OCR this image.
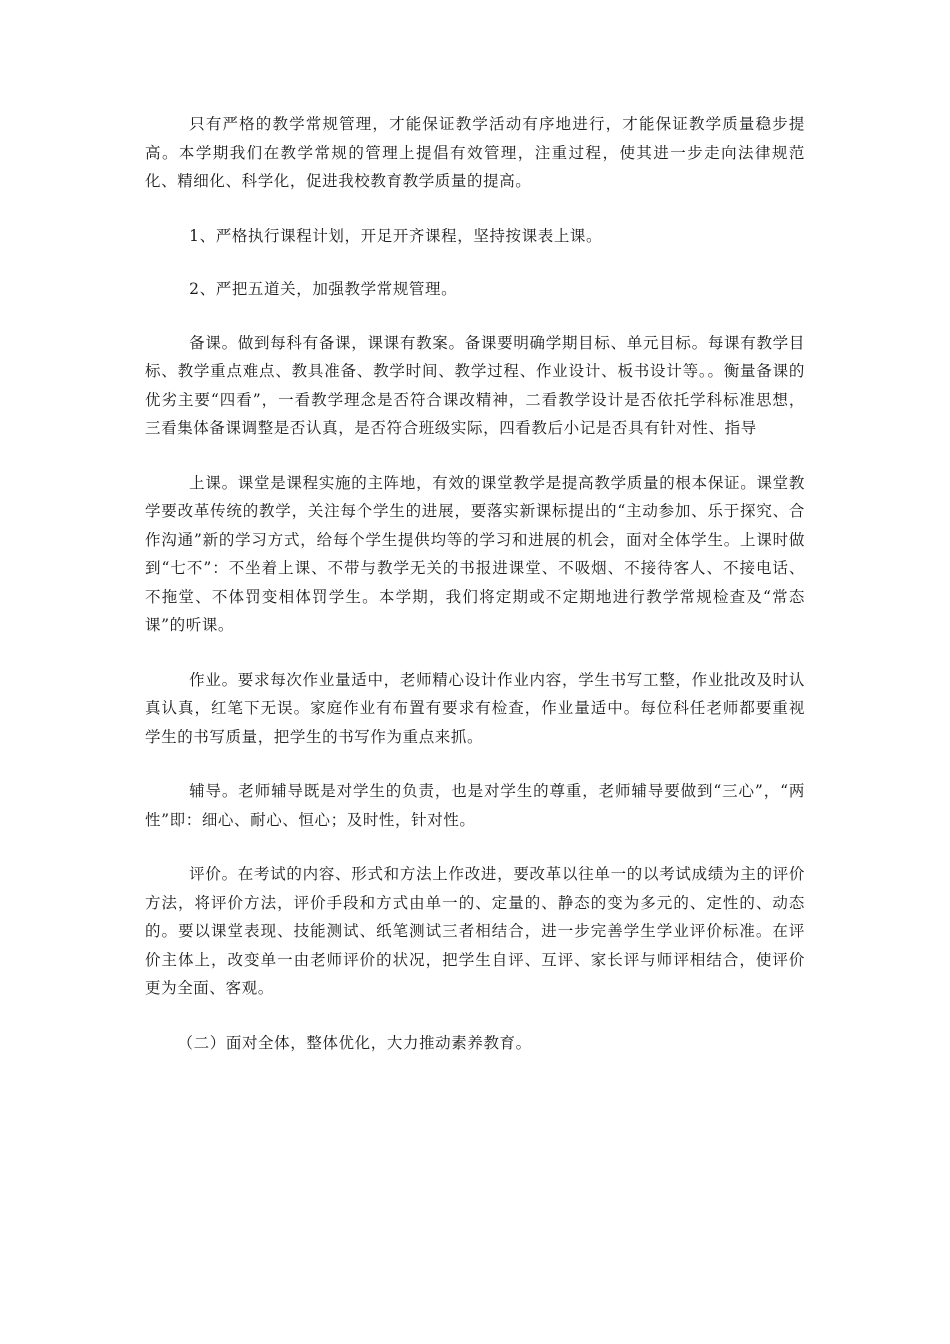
只有严格的教学常规管理，才能保证教学活动有序地进行，才能保证教学质量稳步提高。本学期我们在教学常规的管理上提倡有效管理，注重过程，使其进一步走向法律规范化、精细化、科学化，促进我校教育教学质量的提高。

1、严格执行课程计划，开足开齐课程，坚持按课表上课。

2、严把五道关，加强教学常规管理。

备课。做到每科有备课，课课有教案。备课要明确学期目标、单元目标。每课有教学目标、教学重点难点、教具准备、教学时间、教学过程、作业设计、板书设计等。。衡量备课的优劣主要“四看”，一看教学理念是否符合课改精神，二看教学设计是否依托学科标准思想，三看集体备课调整是否认真，是否符合班级实际，四看教后小记是否具有针对性、指导

上课。课堂是课程实施的主阵地，有效的课堂教学是提高教学质量的根本保证。课堂教学要改革传统的教学，关注每个学生的进展，要落实新课标提出的“主动参加、乐于探究、合作沟通”新的学习方式，给每个学生提供均等的学习和进展的机会，面对全体学生。上课时做到“七不”：不坐着上课、不带与教学无关的书报进课堂、不吸烟、不接待客人、不接电话、不拖堂、不体罚变相体罚学生。本学期，我们将定期或不定期地进行教学常规检查及“常态课”的听课。

作业。要求每次作业量适中，老师精心设计作业内容，学生书写工整，作业批改及时认真认真，红笔下无误。家庭作业有布置有要求有检查，作业量适中。每位科任老师都要重视学生的书写质量，把学生的书写作为重点来抓。

辅导。老师辅导既是对学生的负责，也是对学生的尊重，老师辅导要做到“三心”，“两性”即：细心、耐心、恒心；及时性，针对性。

评价。在考试的内容、形式和方法上作改进，要改革以往单一的以考试成绩为主的评价方法，将评价方法，评价手段和方式由单一的、定量的、静态的变为多元的、定性的、动态的。要以课堂表现、技能测试、纸笔测试三者相结合，进一步完善学生学业评价标准。在评价主体上，改变单一由老师评价的状况，把学生自评、互评、家长评与师评相结合，使评价更为全面、客观。

（二）面对全体，整体优化，大力推动素养教育。
